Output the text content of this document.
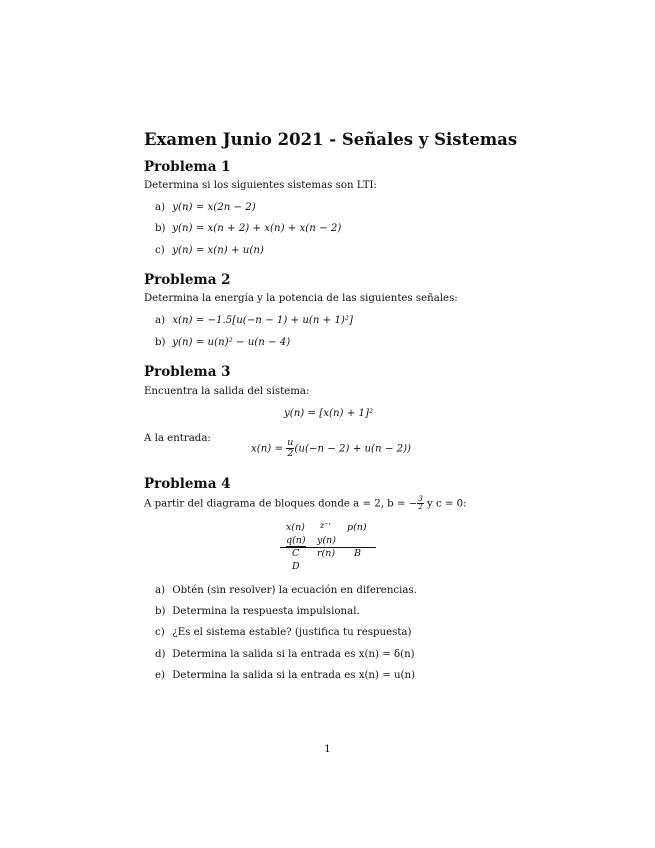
Examen Junio 2021 - Señales y Sistemas
Problema 1
Determina si los siguientes sistemas son LTI:
a) y(n) = x(2n − 2)
b) y(n) = x(n + 2) + x(n) + x(n − 2)
c) y(n) = x(n) + u(n)
Problema 2
Determina la energía y la potencia de las siguientes señales:
a) x(n) = −1.5[u(−n − 1) + u(n + 1)²]
b) y(n) = u(n)² − u(n − 4)
Problema 3
Encuentra la salida del sistema:
y(n) = [x(n) + 1]²
A la entrada:
$x(n) = \frac{u}{2} (u(-n - 2) + u(n - 2))$
Problema 4
A partir del diagrama de bloques donde a = 2, b = − $\frac{3}{2}$ y c = 0:
x(n) z⁻ʳ p(n)
q(n) y(n)
C r(n) B
D
a) Obtén (sin resolver) la ecuación en diferencias.
b) Determina la respuesta impulsional.
c) ¿Es el sistema estable? (justifica tu respuesta)
d) Determina la salida si la entrada es x(n) = δ(n)
e) Determina la salida si la entrada es x(n) = u(n)
1
